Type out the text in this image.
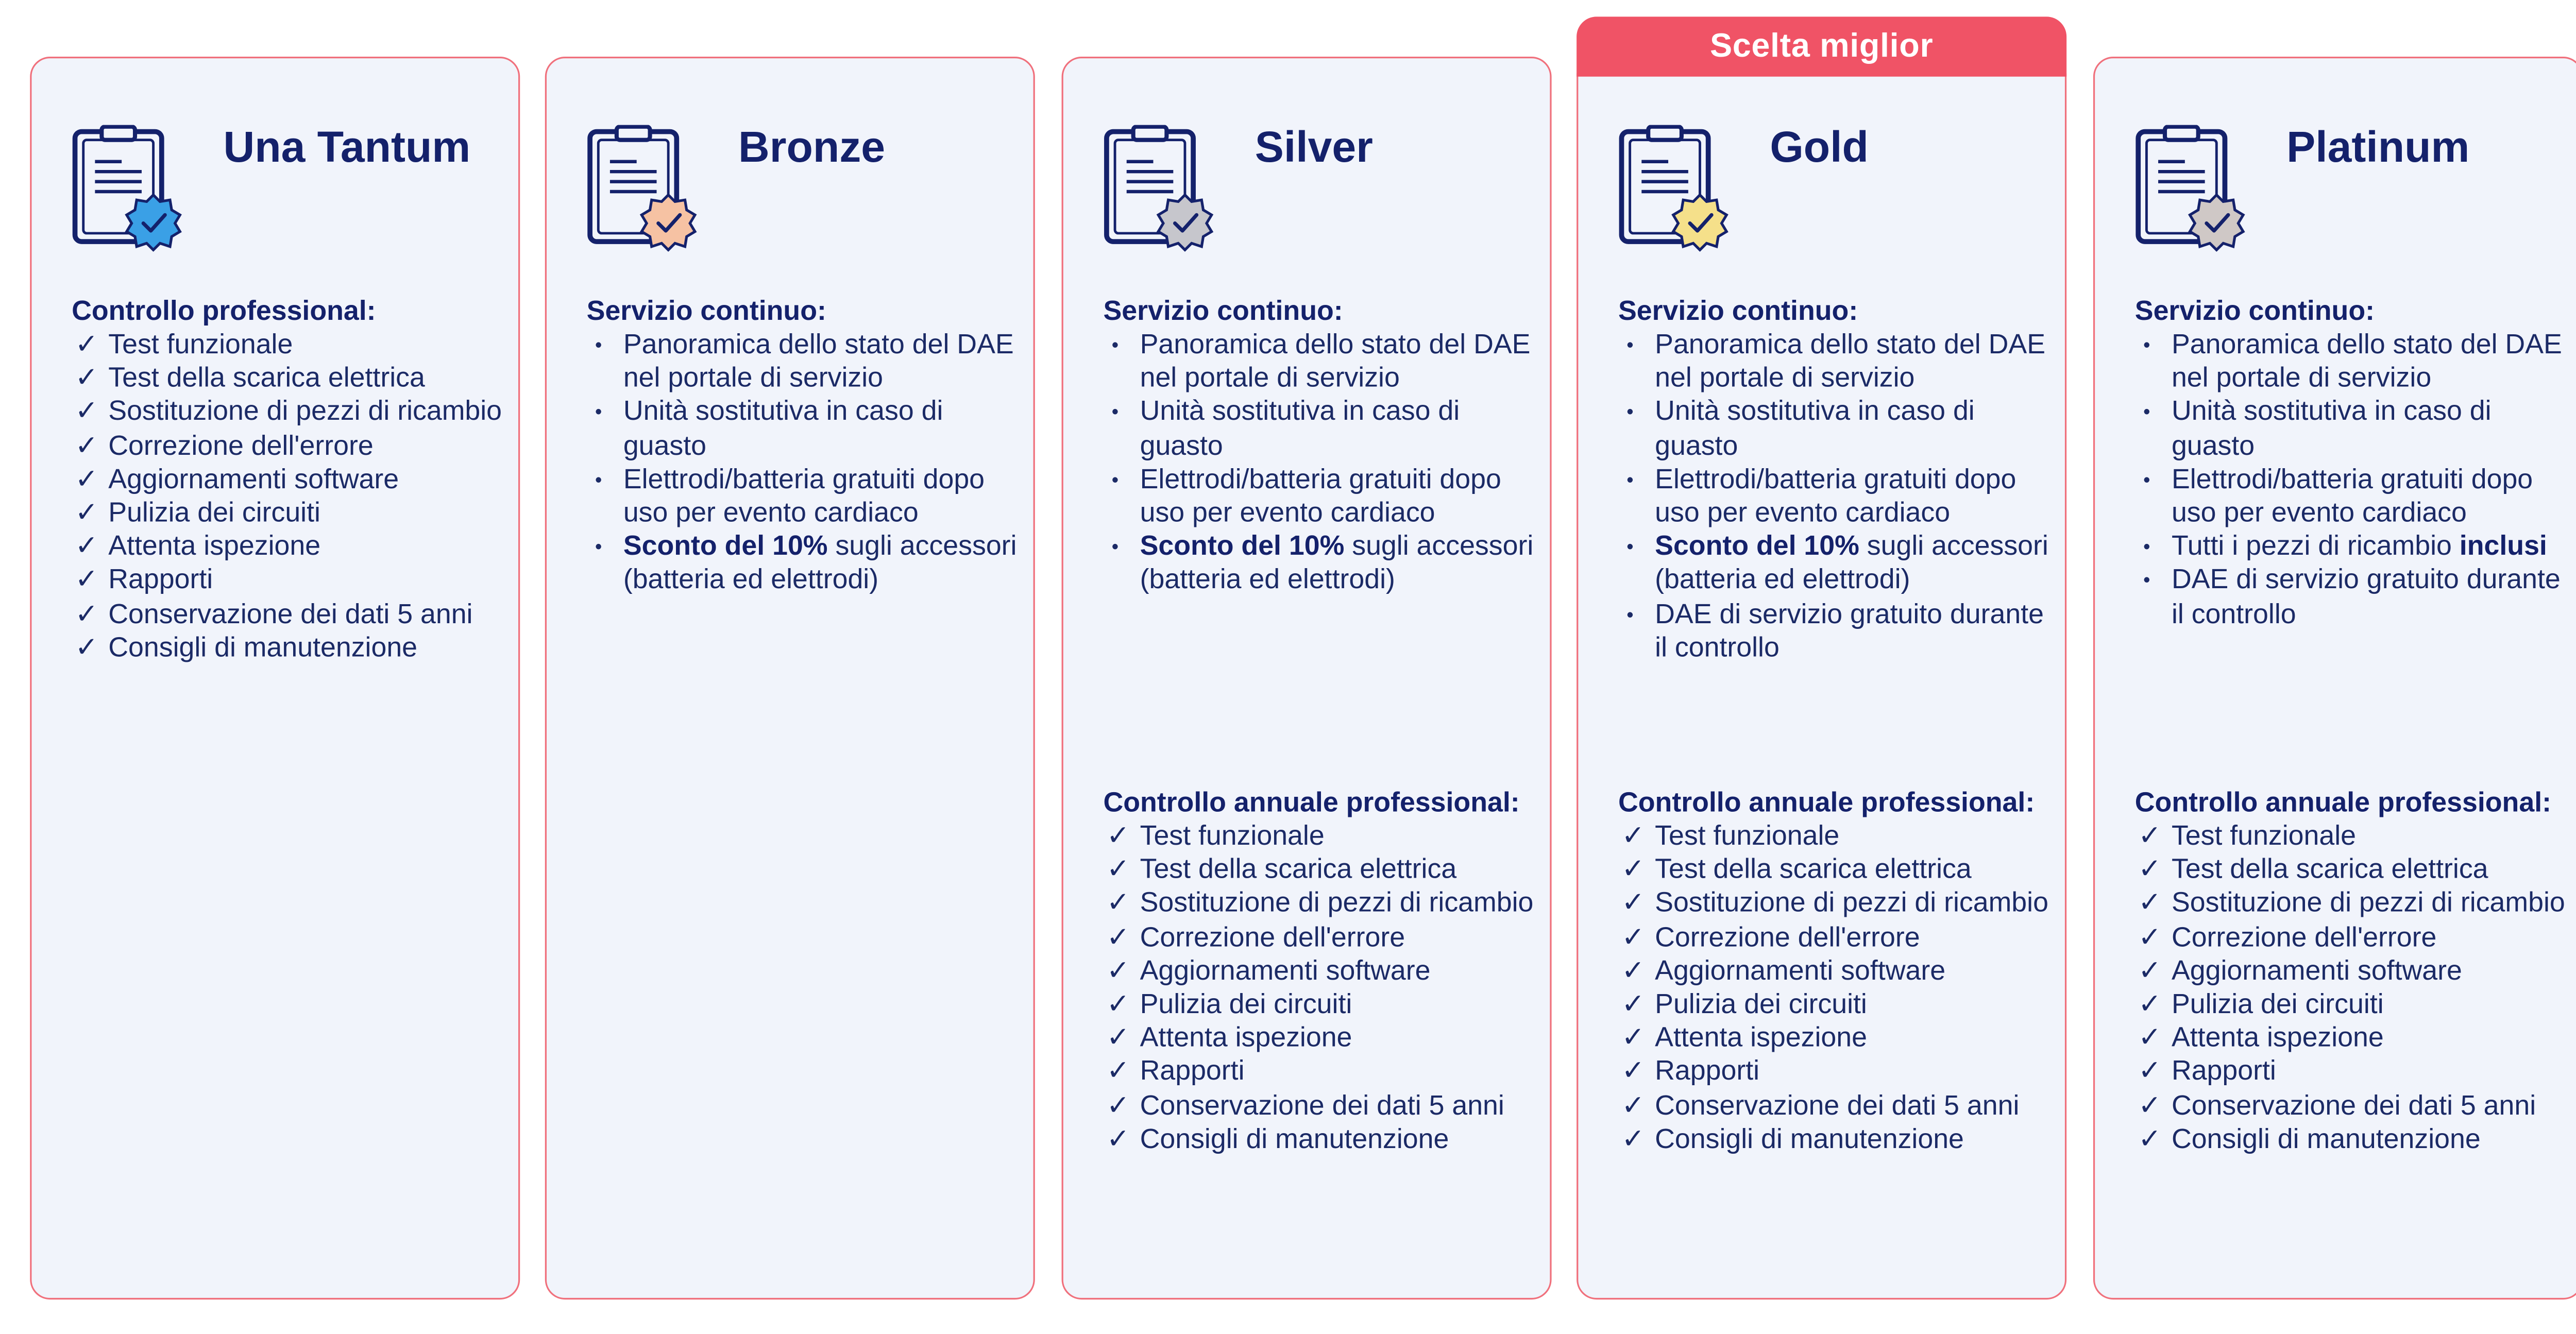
Una Tantum
Controllo professional:
✓ Test funzionale
✓ Test della scarica elettrica
✓ Sostituzione di pezzi di ricambio
✓ Correzione dell'errore
✓ Aggiornamenti software
✓ Pulizia dei circuiti
✓ Attenta ispezione
✓ Rapporti
✓ Conservazione dei dati 5 anni
✓ Consigli di manutenzione
Bronze
Servizio continuo:
• Panoramica dello stato del DAE nel portale di servizio
• Unità sostitutiva in caso di guasto
• Elettrodi/batteria gratuiti dopo uso per evento cardiaco
• Sconto del 10% sugli accessori (batteria ed elettrodi)
Silver
Servizio continuo:
• Panoramica dello stato del DAE nel portale di servizio
• Unità sostitutiva in caso di guasto
• Elettrodi/batteria gratuiti dopo uso per evento cardiaco
• Sconto del 10% sugli accessori (batteria ed elettrodi)
Controllo annuale professional:
✓ Test funzionale
✓ Test della scarica elettrica
✓ Sostituzione di pezzi di ricambio
✓ Correzione dell'errore
✓ Aggiornamenti software
✓ Pulizia dei circuiti
✓ Attenta ispezione
✓ Rapporti
✓ Conservazione dei dati 5 anni
✓ Consigli di manutenzione
Gold
Servizio continuo:
• Panoramica dello stato del DAE nel portale di servizio
• Unità sostitutiva in caso di guasto
• Elettrodi/batteria gratuiti dopo uso per evento cardiaco
• Sconto del 10% sugli accessori (batteria ed elettrodi)
• DAE di servizio gratuito durante il controllo
Controllo annuale professional:
✓ Test funzionale
✓ Test della scarica elettrica
✓ Sostituzione di pezzi di ricambio
✓ Correzione dell'errore
✓ Aggiornamenti software
✓ Pulizia dei circuiti
✓ Attenta ispezione
✓ Rapporti
✓ Conservazione dei dati 5 anni
✓ Consigli di manutenzione
Platinum
Servizio continuo:
• Panoramica dello stato del DAE nel portale di servizio
• Unità sostitutiva in caso di guasto
• Elettrodi/batteria gratuiti dopo uso per evento cardiaco
• Tutti i pezzi di ricambio inclusi
• DAE di servizio gratuito durante il controllo
Controllo annuale professional:
✓ Test funzionale
✓ Test della scarica elettrica
✓ Sostituzione di pezzi di ricambio
✓ Correzione dell'errore
✓ Aggiornamenti software
✓ Pulizia dei circuiti
✓ Attenta ispezione
✓ Rapporti
✓ Conservazione dei dati 5 anni
✓ Consigli di manutenzione
Scelta miglior
